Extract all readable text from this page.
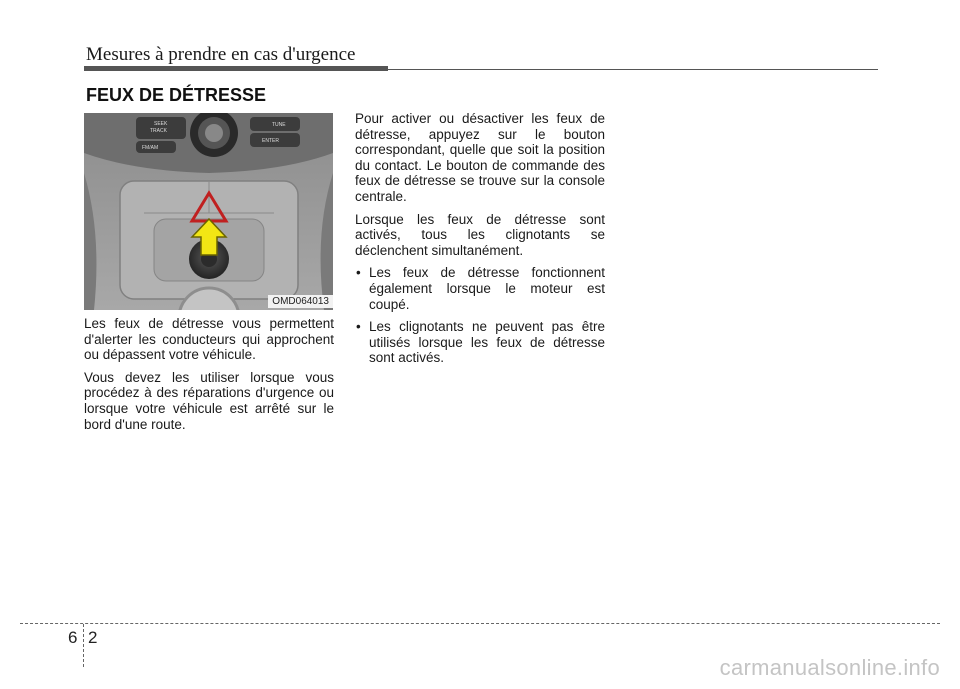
Mesures à prendre en cas d'urgence
FEUX DE DÉTRESSE
SEEK
TRACK
TUNE
ENTER
FM/AM
OMD064013

Les feux de détresse vous permettent d'alerter les conducteurs qui approchent ou dépassent votre véhicule.

Vous devez les utiliser lorsque vous procédez à des réparations d'urgence ou lorsque votre véhicule est arrêté sur le bord d'une route.

Pour activer ou désactiver les feux de détresse, appuyez sur le bouton correspondant, quelle que soit la position du contact. Le bouton de commande des feux de détresse se trouve sur la console centrale.

Lorsque les feux de détresse sont activés, tous les clignotants se déclenchent simultanément.

• Les feux de détresse fonctionnent également lorsque le moteur est coupé.
• Les clignotants ne peuvent pas être utilisés lorsque les feux de détresse sont activés.
6 2
carmanualsonline.info
